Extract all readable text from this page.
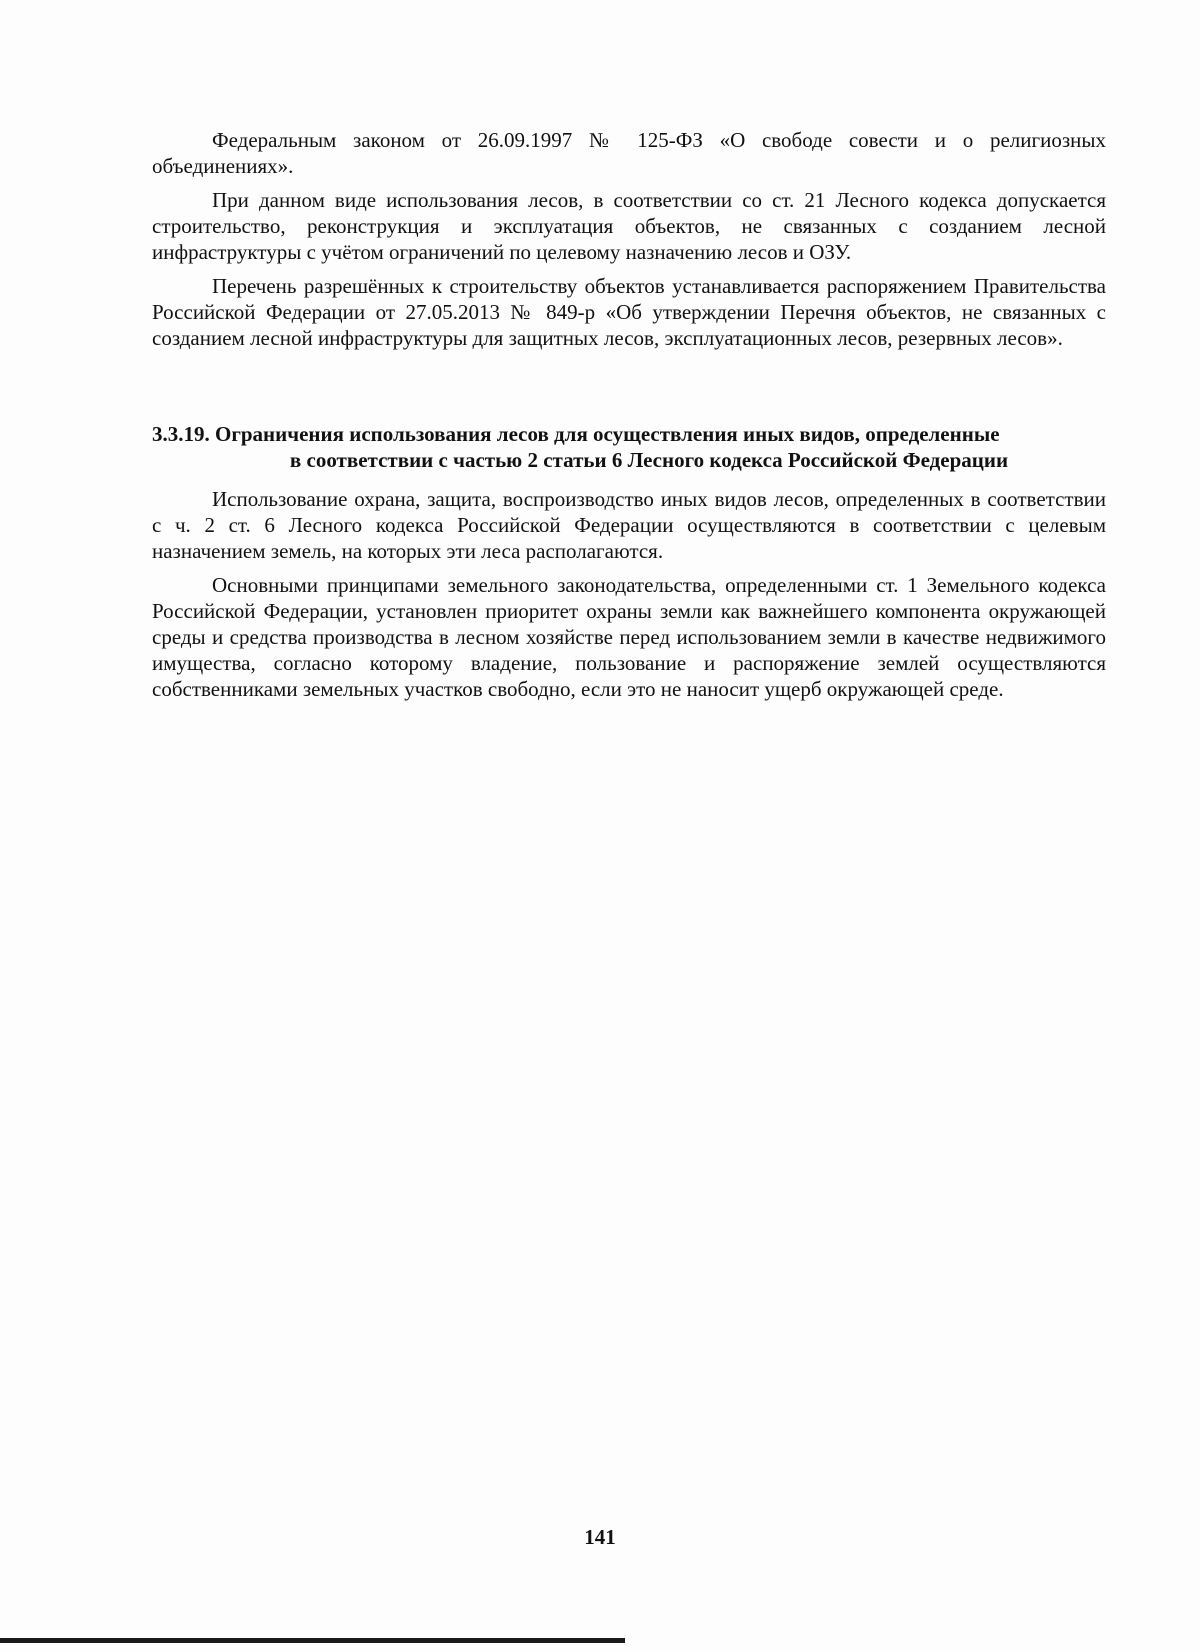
Федеральным законом от 26.09.1997 № 125-ФЗ «О свободе совести и о религиозных объединениях».

При данном виде использования лесов, в соответствии со ст. 21 Лесного кодекса допускается строительство, реконструкция и эксплуатация объектов, не связанных с созданием лесной инфраструктуры с учётом ограничений по целевому назначению лесов и ОЗУ.

Перечень разрешённых к строительству объектов устанавливается распоряжением Правительства Российской Федерации от 27.05.2013 № 849-р «Об утверждении Перечня объектов, не связанных с созданием лесной инфраструктуры для защитных лесов, эксплуатационных лесов, резервных лесов».

3.3.19. Ограничения использования лесов для осуществления иных видов, определенные
в соответствии с частью 2 статьи 6 Лесного кодекса Российской Федерации

Использование охрана, защита, воспроизводство иных видов лесов, определенных в соответствии с ч. 2 ст. 6 Лесного кодекса Российской Федерации осуществляются в соответствии с целевым назначением земель, на которых эти леса располагаются.

Основными принципами земельного законодательства, определенными ст. 1 Земельного кодекса Российской Федерации, установлен приоритет охраны земли как важнейшего компонента окружающей среды и средства производства в лесном хозяйстве перед использованием земли в качестве недвижимого имущества, согласно которому владение, пользование и распоряжение землей осуществляются собственниками земельных участков свободно, если это не наносит ущерб окружающей среде.

141
